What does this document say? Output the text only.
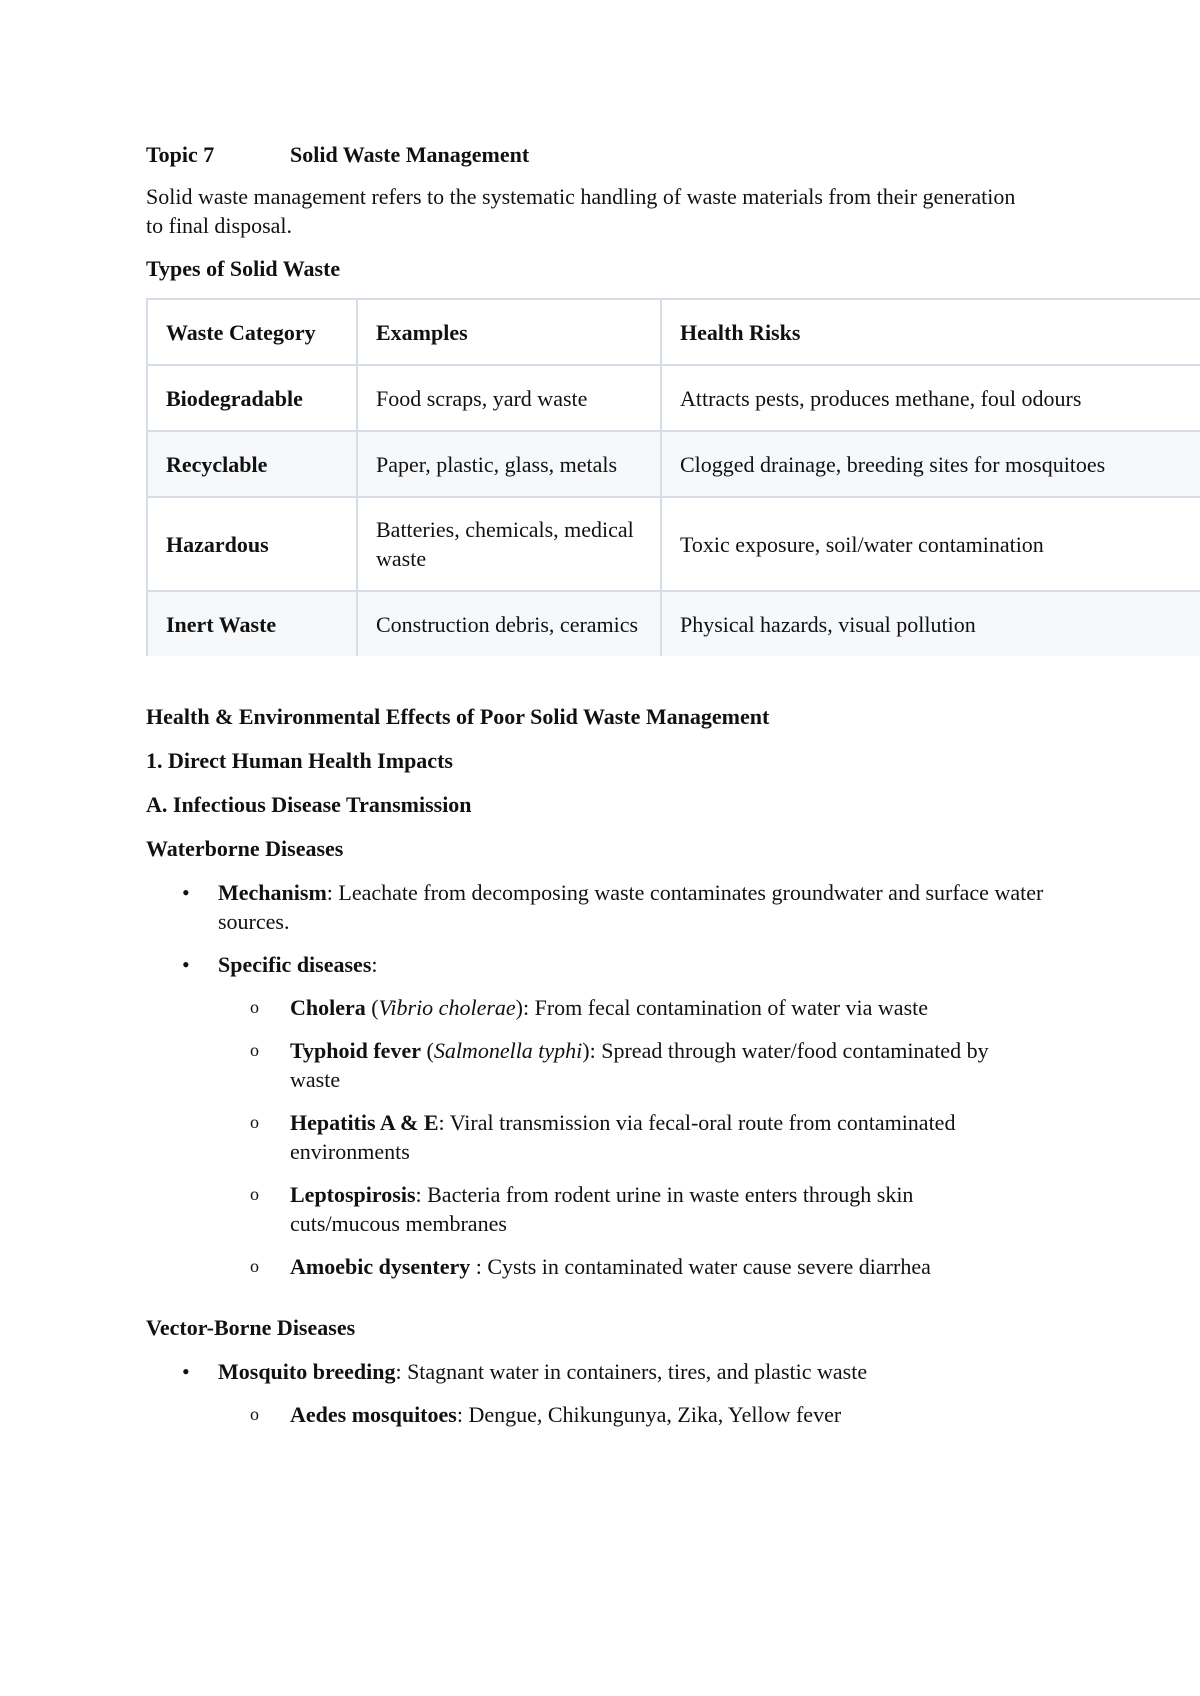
Topic 7	Solid Waste Management

Solid waste management refers to the systematic handling of waste materials from their generation to final disposal.

Types of Solid Waste
Waste Category	Examples	Health Risks
Biodegradable	Food scraps, yard waste	Attracts pests, produces methane, foul odours
Recyclable	Paper, plastic, glass, metals	Clogged drainage, breeding sites for mosquitoes
Hazardous	Batteries, chemicals, medical waste	Toxic exposure, soil/water contamination
Inert Waste	Construction debris, ceramics	Physical hazards, visual pollution
Health & Environmental Effects of Poor Solid Waste Management
1. Direct Human Health Impacts
A. Infectious Disease Transmission
Waterborne Diseases
• Mechanism: Leachate from decomposing waste contaminates groundwater and surface water sources.
• Specific diseases:
o Cholera (Vibrio cholerae): From fecal contamination of water via waste
o Typhoid fever (Salmonella typhi): Spread through water/food contaminated by waste
o Hepatitis A & E: Viral transmission via fecal-oral route from contaminated environments
o Leptospirosis: Bacteria from rodent urine in waste enters through skin cuts/mucous membranes
o Amoebic dysentery : Cysts in contaminated water cause severe diarrhea
Vector-Borne Diseases
• Mosquito breeding: Stagnant water in containers, tires, and plastic waste
o Aedes mosquitoes: Dengue, Chikungunya, Zika, Yellow fever
